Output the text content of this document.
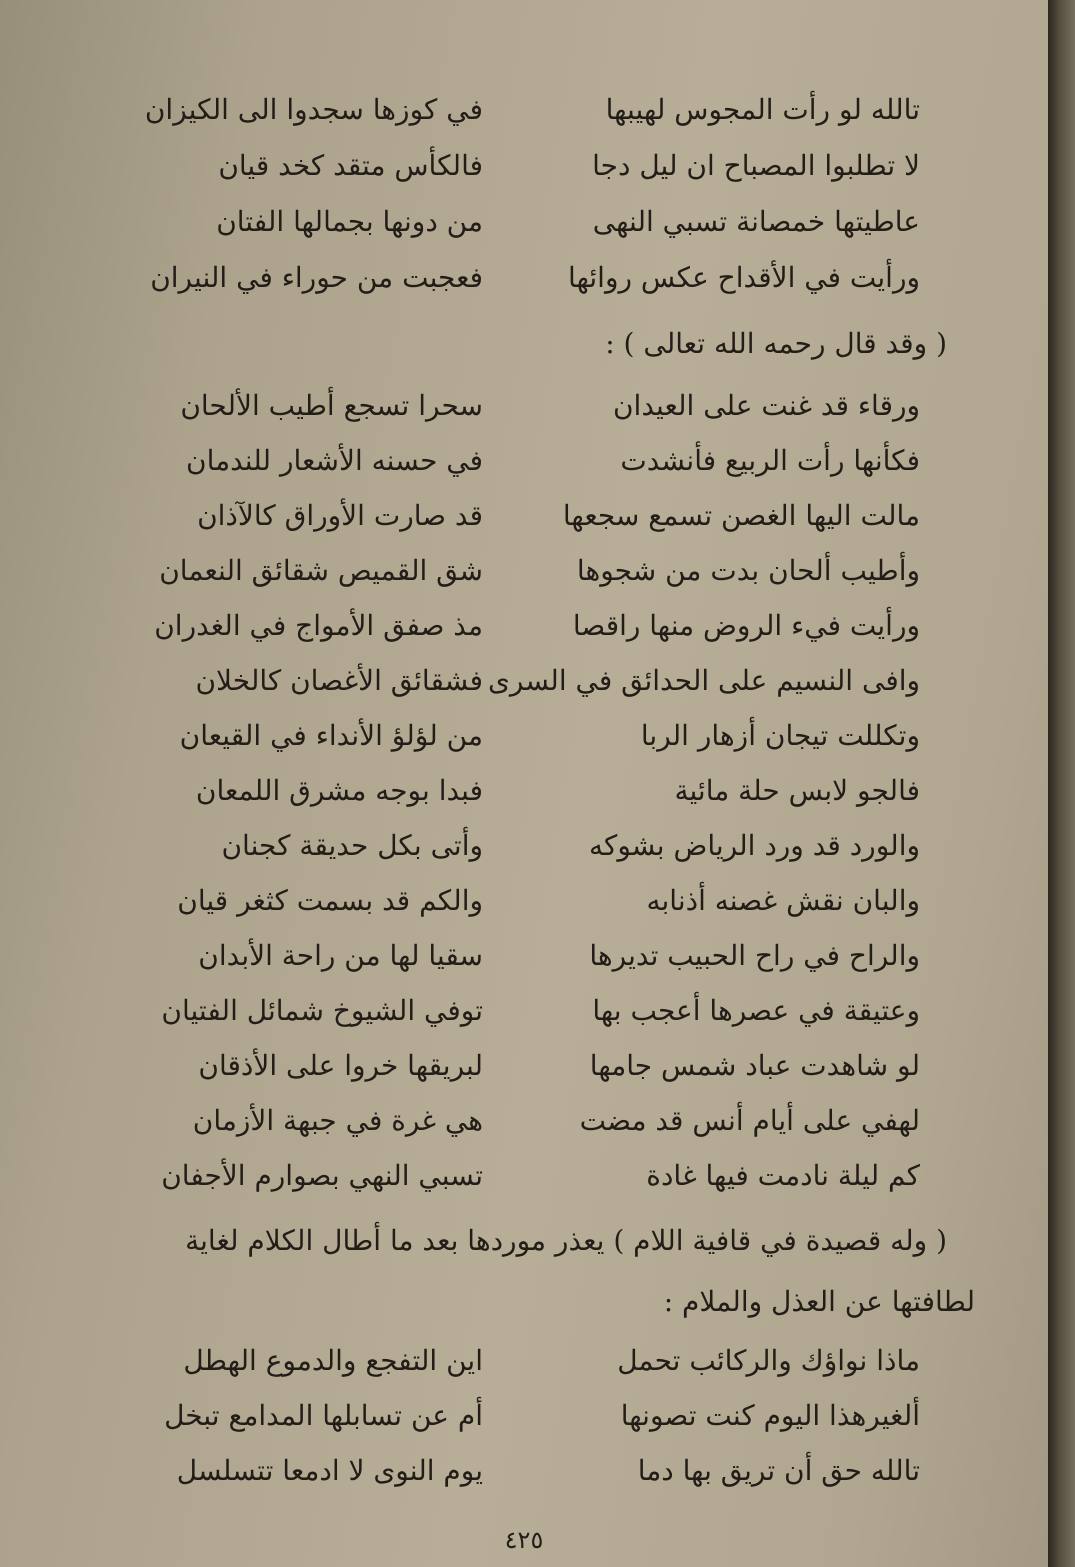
تالله لو رأت المجوس لهيبها
في كوزها سجدوا الى الكيزان
لا تطلبوا المصباح ان ليل دجا
فالكأس متقد كخد قيان
عاطيتها خمصانة تسبي النهى
من دونها بجمالها الفتان
ورأيت في الأقداح عكس روائها
فعجبت من حوراء في النيران
( وقد قال رحمه الله تعالى ) :
ورقاء قد غنت على العيدان
سحرا تسجع أطيب الألحان
فكأنها رأت الربيع فأنشدت
في حسنه الأشعار للندمان
مالت اليها الغصن تسمع سجعها
قد صارت الأوراق كالآذان
وأطيب ألحان بدت من شجوها
شق القميص شقائق النعمان
ورأيت فيء الروض منها راقصا
مذ صفق الأمواج في الغدران
وافى النسيم على الحدائق في السرى
فشقائق الأغصان كالخلان
وتكللت تيجان أزهار الربا
من لؤلؤ الأنداء في القيعان
فالجو لابس حلة مائية
فبدا بوجه مشرق اللمعان
والورد قد ورد الرياض بشوكه
وأتى بكل حديقة كجنان
والبان نقش غصنه أذنابه
والكم قد بسمت كثغر قيان
والراح في راح الحبيب تديرها
سقيا لها من راحة الأبدان
وعتيقة في عصرها أعجب بها
توفي الشيوخ شمائل الفتيان
لو شاهدت عباد شمس جامها
لبريقها خروا على الأذقان
لهفي على أيام أنس قد مضت
هي غرة في جبهة الأزمان
كم ليلة نادمت فيها غادة
تسبي النهي بصوارم الأجفان
( وله قصيدة في قافية اللام ) يعذر موردها بعد ما أطال الكلام لغاية
لطافتها عن العذل والملام :
ماذا نواؤك والركائب تحمل
اين التفجع والدموع الهطل
ألغيرهذا اليوم كنت تصونها
أم عن تسابلها المدامع تبخل
تالله حق أن تريق بها دما
يوم النوى لا ادمعا تتسلسل
٤٢٥
